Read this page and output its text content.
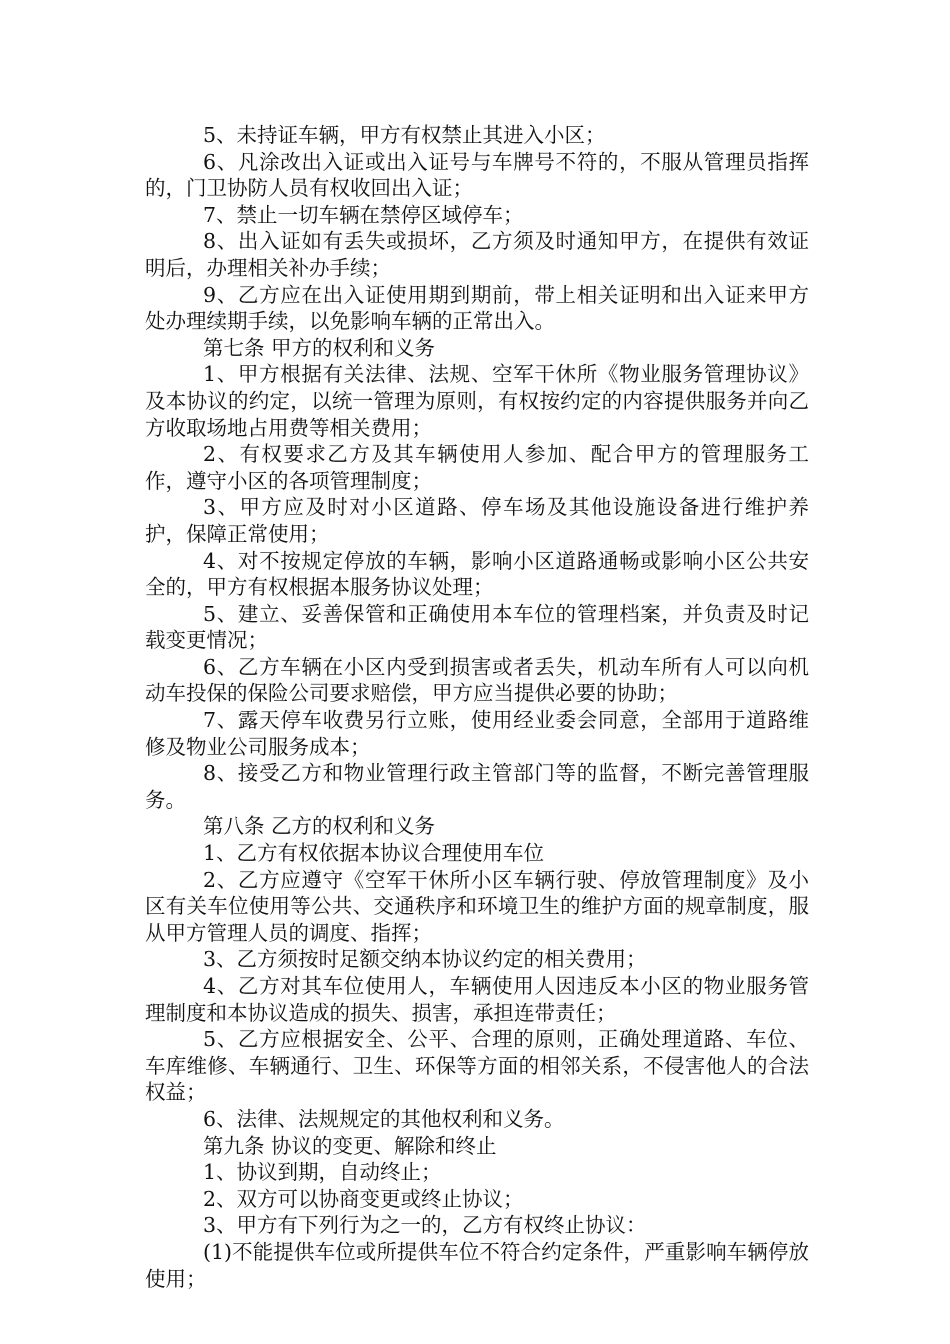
5、未持证车辆，甲方有权禁止其进入小区；

6、凡涂改出入证或出入证号与车牌号不符的，不服从管理员指挥的，门卫协防人员有权收回出入证；

7、禁止一切车辆在禁停区域停车；

8、出入证如有丢失或损坏，乙方须及时通知甲方，在提供有效证明后，办理相关补办手续；

9、乙方应在出入证使用期到期前，带上相关证明和出入证来甲方处办理续期手续，以免影响车辆的正常出入。

第七条 甲方的权利和义务

1、甲方根据有关法律、法规、空军干休所《物业服务管理协议》及本协议的约定，以统一管理为原则，有权按约定的内容提供服务并向乙方收取场地占用费等相关费用；

2、有权要求乙方及其车辆使用人参加、配合甲方的管理服务工作，遵守小区的各项管理制度；

3、甲方应及时对小区道路、停车场及其他设施设备进行维护养护，保障正常使用；

4、对不按规定停放的车辆，影响小区道路通畅或影响小区公共安全的，甲方有权根据本服务协议处理；

5、建立、妥善保管和正确使用本车位的管理档案，并负责及时记载变更情况；

6、乙方车辆在小区内受到损害或者丢失，机动车所有人可以向机动车投保的保险公司要求赔偿，甲方应当提供必要的协助；

7、露天停车收费另行立账，使用经业委会同意，全部用于道路维修及物业公司服务成本；

8、接受乙方和物业管理行政主管部门等的监督，不断完善管理服务。

第八条 乙方的权利和义务

1、乙方有权依据本协议合理使用车位

2、乙方应遵守《空军干休所小区车辆行驶、停放管理制度》及小区有关车位使用等公共、交通秩序和环境卫生的维护方面的规章制度，服从甲方管理人员的调度、指挥；

3、乙方须按时足额交纳本协议约定的相关费用；

4、乙方对其车位使用人，车辆使用人因违反本小区的物业服务管理制度和本协议造成的损失、损害，承担连带责任；

5、乙方应根据安全、公平、合理的原则，正确处理道路、车位、车库维修、车辆通行、卫生、环保等方面的相邻关系，不侵害他人的合法权益；

6、法律、法规规定的其他权利和义务。

第九条 协议的变更、解除和终止

1、协议到期，自动终止；

2、双方可以协商变更或终止协议；

3、甲方有下列行为之一的，乙方有权终止协议：

(1)不能提供车位或所提供车位不符合约定条件，严重影响车辆停放使用；
